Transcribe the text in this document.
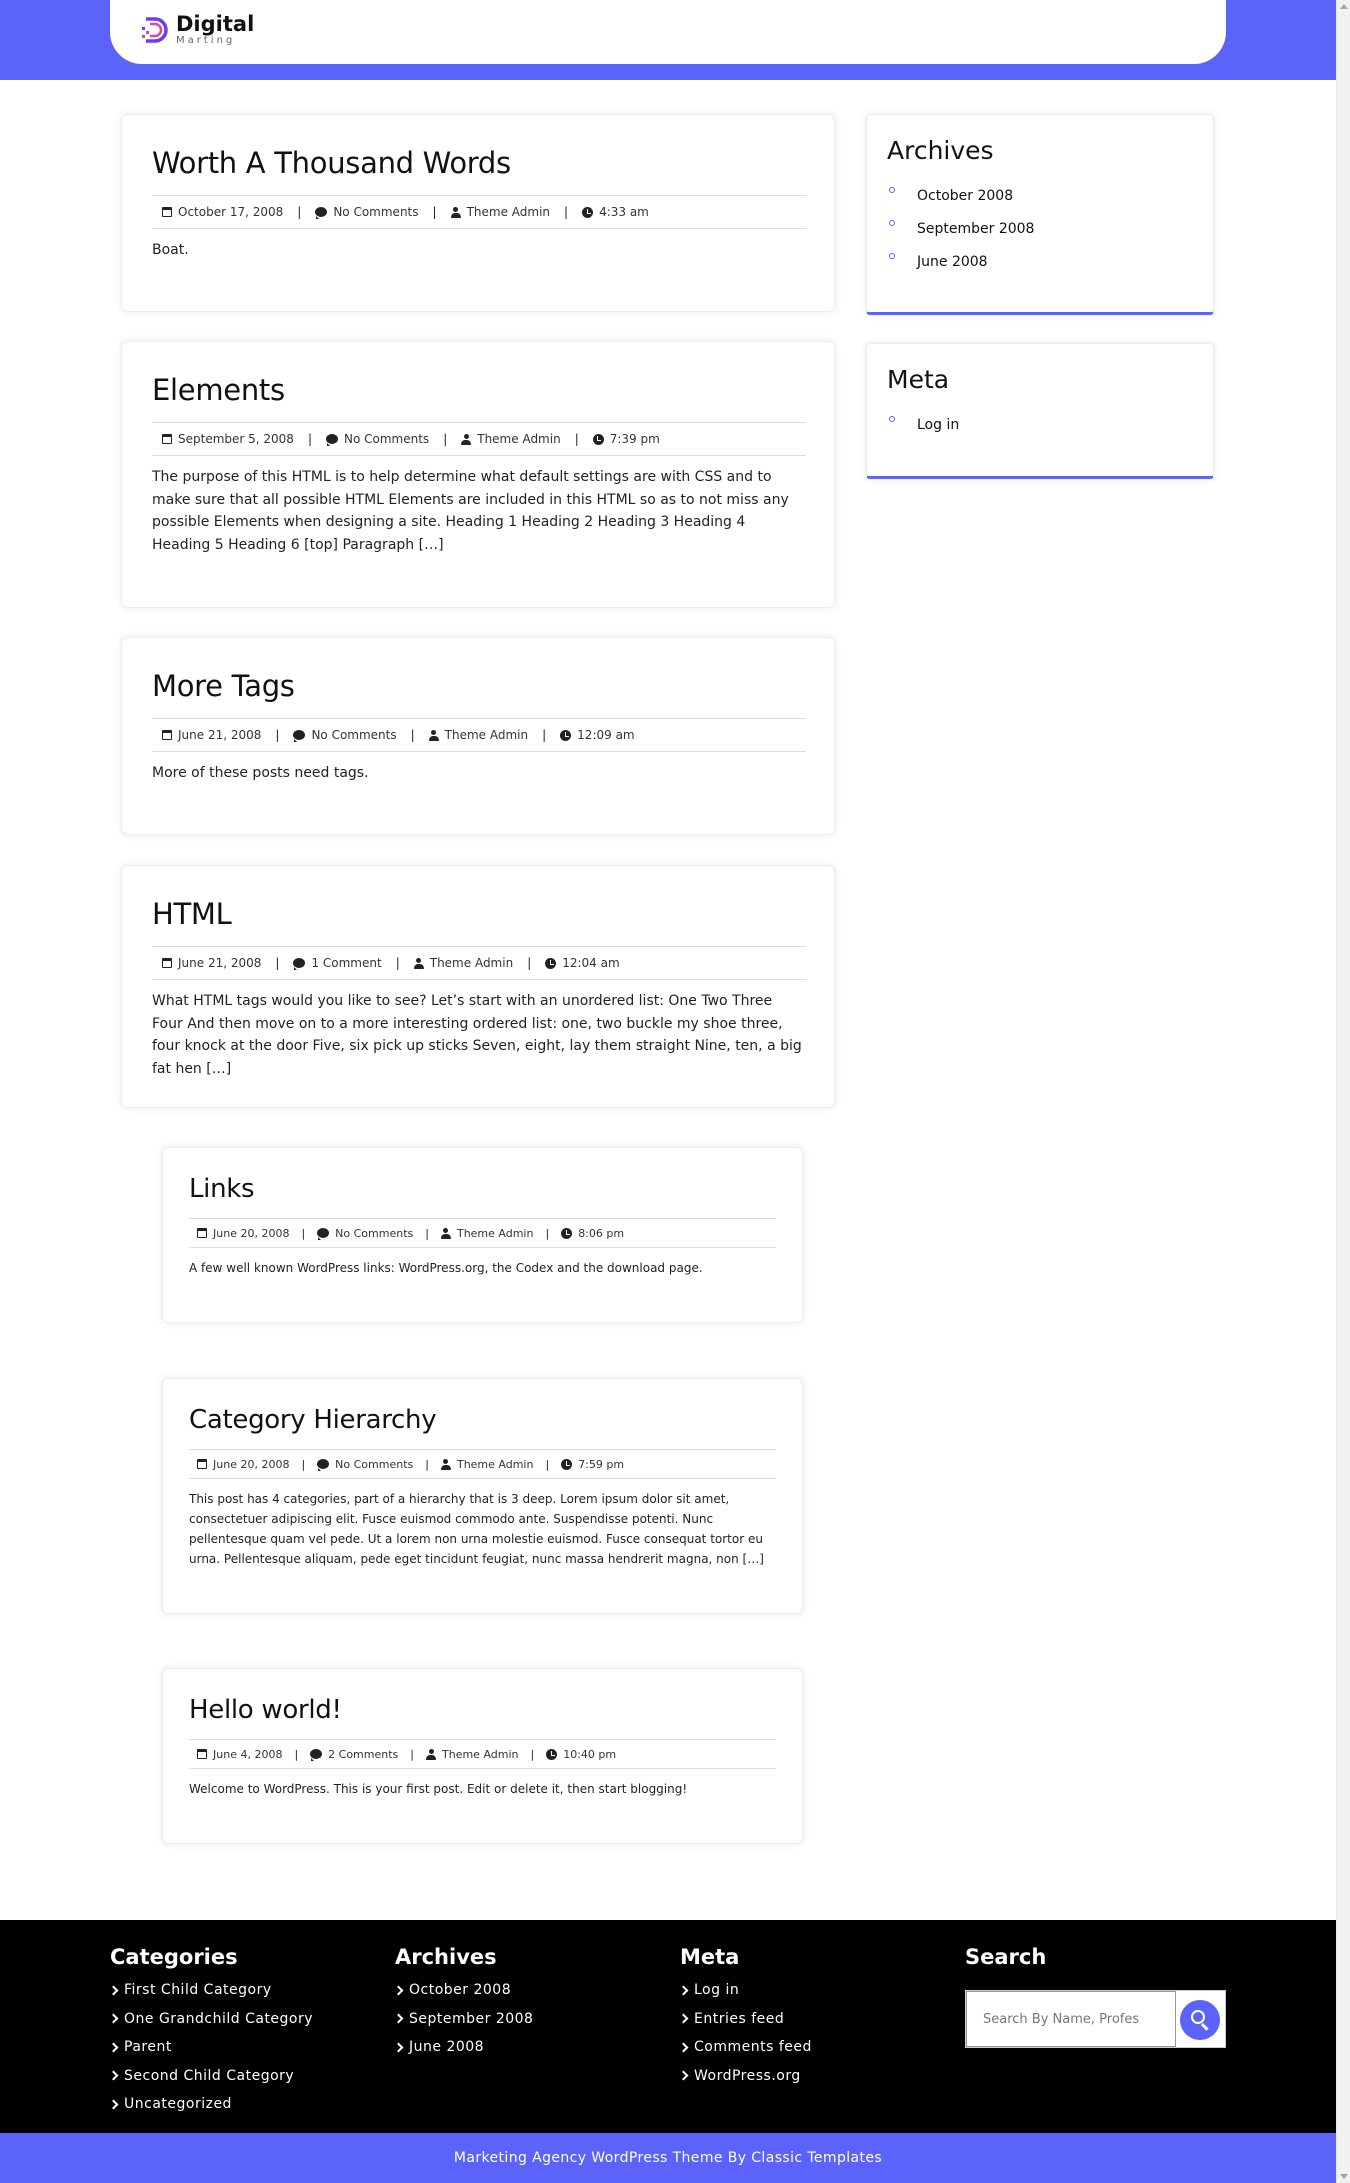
Digital
Marting
Worth A Thousand Words
October 17, 2008 |	No Comments |	Theme Admin |	4:33 am

Boat.

Elements
September 5, 2008 |	No Comments |	Theme Admin |	7:39 pm

The purpose of this HTML is to help determine what default settings are with CSS and to make sure that all possible HTML Elements are included in this HTML so as to not miss any possible Elements when designing a site. Heading 1 Heading 2 Heading 3 Heading 4 Heading 5 Heading 6 [top] Paragraph […]

More Tags
June 21, 2008 |	No Comments |	Theme Admin |	12:09 am

More of these posts need tags.

HTML
June 21, 2008 |	1 Comment |	Theme Admin |	12:04 am

What HTML tags would you like to see? Let’s start with an unordered list: One Two Three Four And then move on to a more interesting ordered list: one, two buckle my shoe three, four knock at the door Five, six pick up sticks Seven, eight, lay them straight Nine, ten, a big fat hen […]

Links
June 20, 2008 |	No Comments |	Theme Admin |	8:06 pm

A few well known WordPress links: WordPress.org, the Codex and the download page.

Category Hierarchy
June 20, 2008 |	No Comments |	Theme Admin |	7:59 pm

This post has 4 categories, part of a hierarchy that is 3 deep. Lorem ipsum dolor sit amet, consectetuer adipiscing elit. Fusce euismod commodo ante. Suspendisse potenti. Nunc pellentesque quam vel pede. Ut a lorem non urna molestie euismod. Fusce consequat tortor eu urna. Pellentesque aliquam, pede eget tincidunt feugiat, nunc massa hendrerit magna, non […]

Hello world!
June 4, 2008 |	2 Comments |	Theme Admin |	10:40 pm

Welcome to WordPress. This is your first post. Edit or delete it, then start blogging!

Archives
October 2008
September 2008
June 2008
Meta
Log in
Categories
First Child Category
One Grandchild Category
Parent
Second Child Category
Uncategorized
Archives
October 2008
September 2008
June 2008
Meta
Log in
Entries feed
Comments feed
WordPress.org
Search
Search By Name, Profes
Marketing Agency WordPress Theme By Classic Templates
